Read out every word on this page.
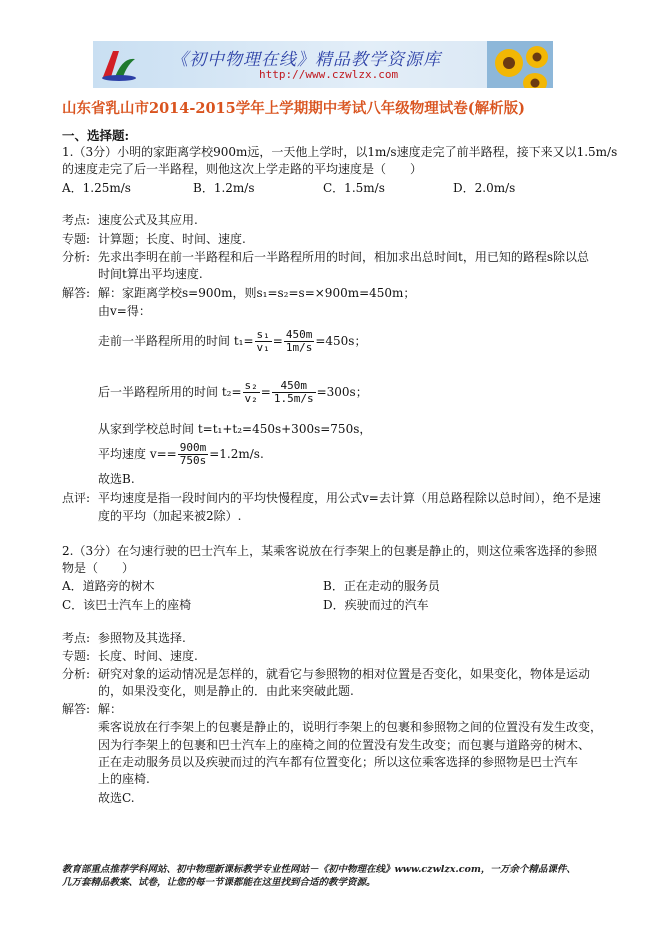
《初中物理在线》精品教学资源库
http://www.czwlzx.com
山东省乳山市2014-2015学年上学期期中考试八年级物理试卷(解析版)
一、选择题:
1.（3分）小明的家距离学校900m远，一天他上学时，以1m/s速度走完了前半路程，接下来又以1.5m/s
的速度走完了后一半路程，则他这次上学走路的平均速度是（　　）
A．1.25m/s	B．1.2m/s	C．1.5m/s	D．2.0m/s
考点: 速度公式及其应用.
专题: 计算题；长度、时间、速度.
分析: 先求出李明在前一半路程和后一半路程所用的时间，相加求出总时间t，用已知的路程s除以总
时间t算出平均速度.
解答: 解：家距离学校s=900m，则s₁=s₂=s=×900m=450m；
由v=得：
走前一半路程所用的时间 $t_1= \frac{\text{s₁}}{\text{v₁}} = \frac{450m}{1m/s} =450s$；
后一半路程所用的时间 $t_2= \frac{\text{s₂}}{\text{v₂}} = \frac{450m}{1.5m/s} =300s$；
从家到学校总时间 t=t₁+t₂=450s+300s=750s，
平均速度 $v== \frac{900m}{750s} =1.2m/s$.
故选B.
点评: 平均速度是指一段时间内的平均快慢程度，用公式v=去计算（用总路程除以总时间），绝不是速
度的平均（加起来被2除）.
2.（3分）在匀速行驶的巴士汽车上，某乘客说放在行李架上的包裹是静止的，则这位乘客选择的参照
物是（　　）
A．道路旁的树木	B．正在走动的服务员
C．该巴士汽车上的座椅	D．疾驶而过的汽车
考点: 参照物及其选择.
专题: 长度、时间、速度.
分析: 研究对象的运动情况是怎样的，就看它与参照物的相对位置是否变化，如果变化，物体是运动
的，如果没变化，则是静止的．由此来突破此题.
解答: 解：
乘客说放在行李架上的包裹是静止的，说明行李架上的包裹和参照物之间的位置没有发生改变，
因为行李架上的包裹和巴士汽车上的座椅之间的位置没有发生改变；而包裹与道路旁的树木、
正在走动服务员以及疾驶而过的汽车都有位置变化；所以这位乘客选择的参照物是巴士汽车
上的座椅.
故选C.
教育部重点推荐学科网站、初中物理新课标教学专业性网站－《初中物理在线》www.czwlzx.com，一万余个精品课件、
几万套精品教案、试卷，让您的每一节课都能在这里找到合适的教学资源。
